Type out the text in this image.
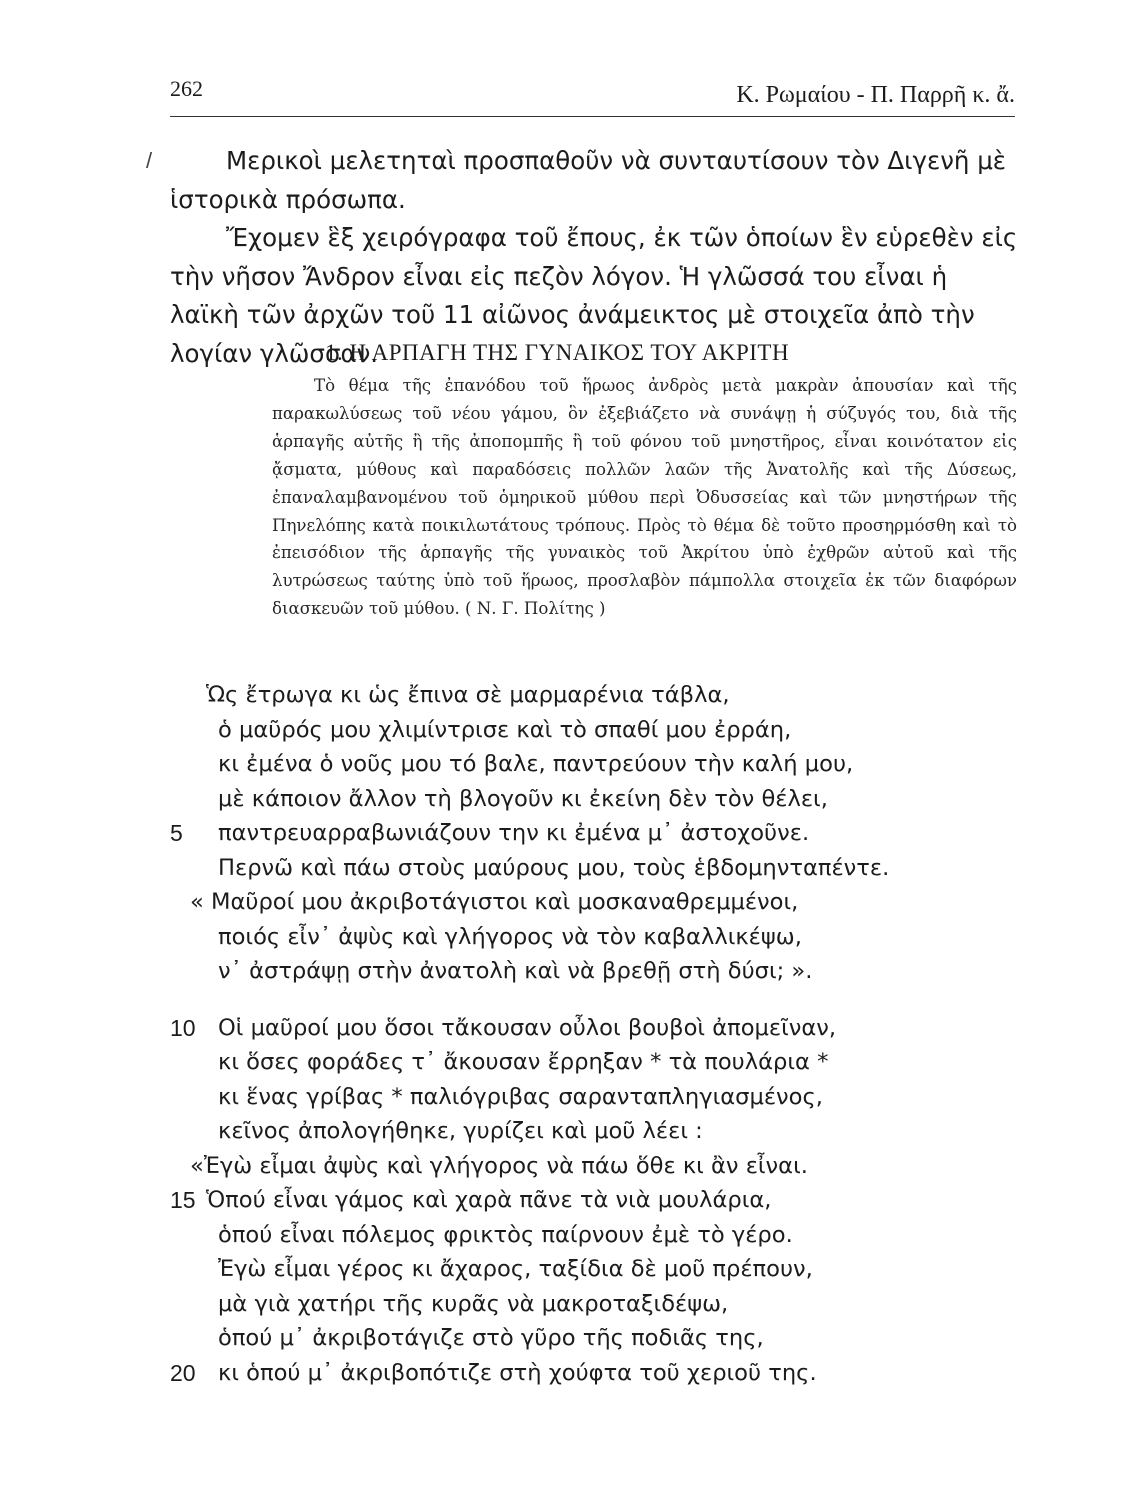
262	Κ. Ρωμαίου - Π. Παρρῆ κ. ἄ.
/	Μερικοὶ μελετηταὶ προσπαθοῦν νὰ συνταυτίσουν τὸν Διγενῆ μὲ ἱστορικὰ πρόσωπα.

Ἔχομεν ἓξ χειρόγραφα τοῦ ἔπους, ἐκ τῶν ὁποίων ἓν εὑρεθὲν εἰς τὴν νῆσον Ἄνδρον εἶναι εἰς πεζὸν λόγον. Ἡ γλῶσσά του εἶναι ἡ λαϊκὴ τῶν ἀρχῶν τοῦ 11 αἰῶνος ἀνάμεικτος μὲ στοιχεῖα ἀπὸ τὴν λογίαν γλῶσσαν.

1. Η ΑΡΠΑΓΗ ΤΗΣ ΓΥΝΑΙΚΟΣ ΤΟΥ ΑΚΡΙΤΗ

Τὸ θέμα τῆς ἐπανόδου τοῦ ἥρωος ἀνδρὸς μετὰ μακρὰν ἀπουσίαν καὶ τῆς παρακωλύσεως τοῦ νέου γάμου, ὃν ἐξεβιάζετο νὰ συνάψῃ ἡ σύζυγός του, διὰ τῆς ἁρπαγῆς αὐτῆς ἢ τῆς ἀποπομπῆς ἢ τοῦ φόνου τοῦ μνηστῆρος, εἶναι κοινότατον εἰς ᾄσματα, μύθους καὶ παραδόσεις πολλῶν λαῶν τῆς Ἀνατολῆς καὶ τῆς Δύσεως, ἐπαναλαμβανομένου τοῦ ὁμηρικοῦ μύθου περὶ Ὀδυσσείας καὶ τῶν μνηστήρων τῆς Πηνελόπης κατὰ ποικιλωτάτους τρόπους. Πρὸς τὸ θέμα δὲ τοῦτο προσηρμόσθη καὶ τὸ ἐπεισόδιον τῆς ἁρπαγῆς τῆς γυναικὸς τοῦ Ἀκρίτου ὑπὸ ἐχθρῶν αὐτοῦ καὶ τῆς λυτρώσεως ταύτης ὑπὸ τοῦ ἥρωος, προσλαβὸν πάμπολλα στοιχεῖα ἐκ τῶν διαφόρων διασκευῶν τοῦ μύθου. ( Ν. Γ. Πολίτης )

Ὡς ἔτρωγα κι ὡς ἔπινα σὲ μαρμαρένια τάβλα,
ὁ μαῦρός μου χλιμίντρισε καὶ τὸ σπαθί μου ἐρράη,
κι ἐμένα ὁ νοῦς μου τό βαλε, παντρεύουν τὴν καλή μου,
μὲ κάποιον ἄλλον τὴ βλογοῦν κι ἐκείνη δὲν τὸν θέλει,
5	παντρευαρραβωνιάζουν την κι ἐμένα μ᾽ ἀστοχοῦνε.
Περνῶ καὶ πάω στοὺς μαύρους μου, τοὺς ἑβδομηνταπέντε.
« Μαῦροί μου ἀκριβοτάγιστοι καὶ μοσκαναθρεμμένοι,
ποιός εἶν᾽ ἀψὺς καὶ γλήγορος νὰ τὸν καβαλλικέψω,
ν᾽ ἀστράψῃ στὴν ἀνατολὴ καὶ νὰ βρεθῇ στὴ δύσι; ».
10 Οἱ μαῦροί μου ὅσοι τἄκουσαν οὖλοι βουβοὶ ἀπομεῖναν,
κι ὅσες φοράδες τ᾽ ἄκουσαν ἔρρηξαν * τὰ πουλάρια *
κι ἕνας γρίβας * παλιόγριβας σαρανταπληγιασμένος,
κεῖνος ἀπολογήθηκε, γυρίζει καὶ μοῦ λέει :
«Ἐγὼ εἶμαι ἀψὺς καὶ γλήγορος νὰ πάω ὅθε κι ἂν εἶναι.
15 Ὁπού εἶναι γάμος καὶ χαρὰ πᾶνε τὰ νιὰ μουλάρια,
ὁπού εἶναι πόλεμος φρικτὸς παίρνουν ἐμὲ τὸ γέρο.
Ἐγὼ εἶμαι γέρος κι ἄχαρος, ταξίδια δὲ μοῦ πρέπουν,
μὰ γιὰ χατήρι τῆς κυρᾶς νὰ μακροταξιδέψω,
ὁπού μ᾽ ἀκριβοτάγιζε στὸ γῦρο τῆς ποδιᾶς της,
20 κι ὁπού μ᾽ ἀκριβοπότιζε στὴ χούφτα τοῦ χεριοῦ της.
